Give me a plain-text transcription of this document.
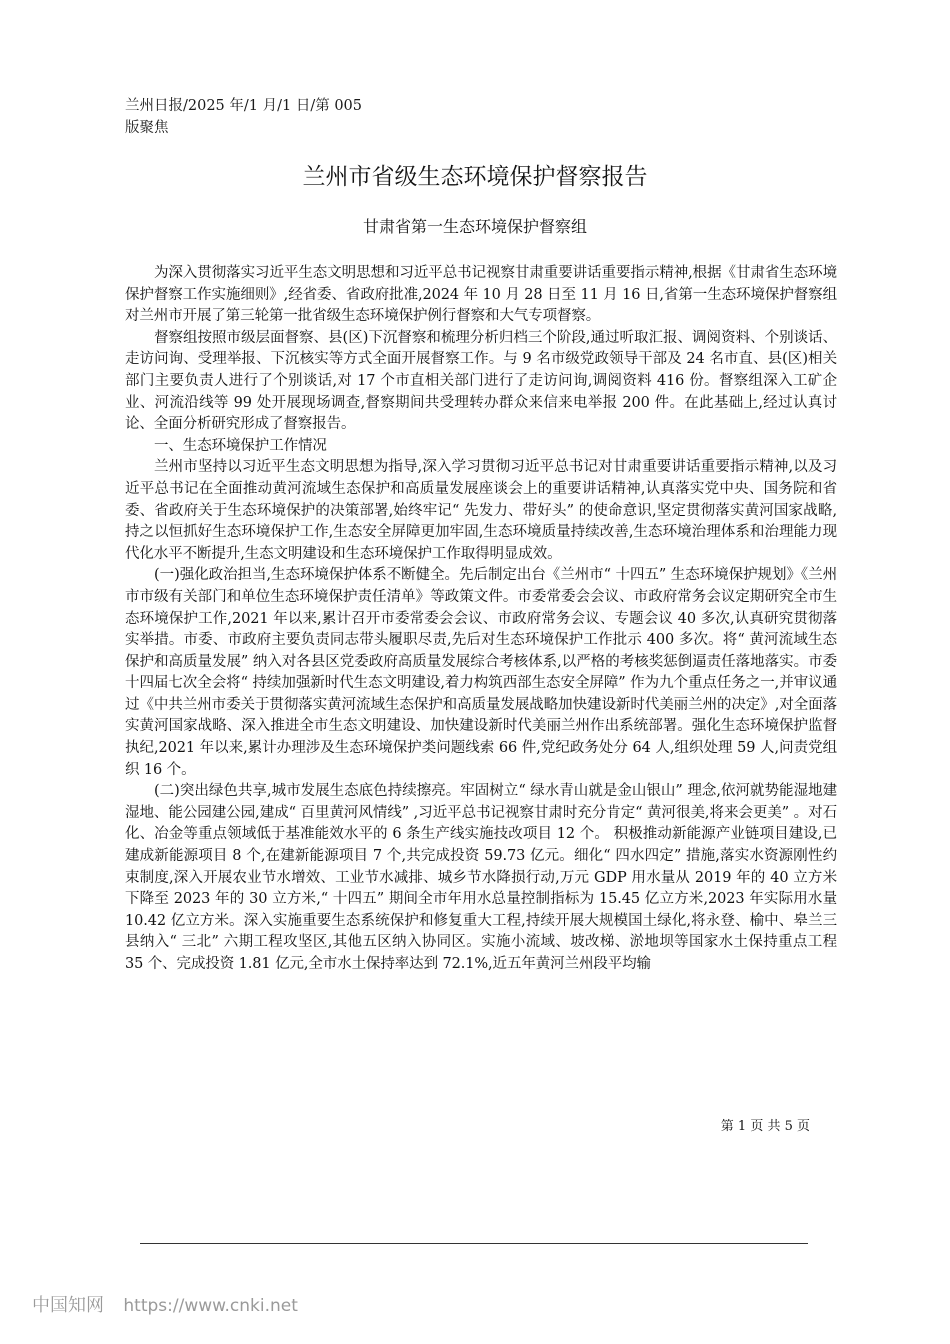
兰州日报/2025 年/1 月/1 日/第 005
版聚焦
兰州市省级生态环境保护督察报告
甘肃省第一生态环境保护督察组

为深入贯彻落实习近平生态文明思想和习近平总书记视察甘肃重要讲话重要指示精神,根据《甘肃省生态环境保护督察工作实施细则》,经省委、省政府批准,2024 年 10 月 28 日至 11 月 16 日,省第一生态环境保护督察组对兰州市开展了第三轮第一批省级生态环境保护例行督察和大气专项督察。

督察组按照市级层面督察、县(区)下沉督察和梳理分析归档三个阶段,通过听取汇报、调阅资料、个别谈话、走访问询、受理举报、下沉核实等方式全面开展督察工作。与 9 名市级党政领导干部及 24 名市直、县(区)相关部门主要负责人进行了个别谈话,对 17 个市直相关部门进行了走访问询,调阅资料 416 份。督察组深入工矿企业、河流沿线等 99 处开展现场调查,督察期间共受理转办群众来信来电举报 200 件。在此基础上,经过认真讨论、全面分析研究形成了督察报告。

一、生态环境保护工作情况

兰州市坚持以习近平生态文明思想为指导,深入学习贯彻习近平总书记对甘肃重要讲话重要指示精神,以及习近平总书记在全面推动黄河流域生态保护和高质量发展座谈会上的重要讲话精神,认真落实党中央、国务院和省委、省政府关于生态环境保护的决策部署,始终牢记“ 先发力、带好头” 的使命意识,坚定贯彻落实黄河国家战略,持之以恒抓好生态环境保护工作,生态安全屏障更加牢固,生态环境质量持续改善,生态环境治理体系和治理能力现代化水平不断提升,生态文明建设和生态环境保护工作取得明显成效。

(一)强化政治担当,生态环境保护体系不断健全。先后制定出台《兰州市“ 十四五” 生态环境保护规划》《兰州市市级有关部门和单位生态环境保护责任清单》等政策文件。市委常委会会议、市政府常务会议定期研究全市生态环境保护工作,2021 年以来,累计召开市委常委会会议、市政府常务会议、专题会议 40 多次,认真研究贯彻落实举措。市委、市政府主要负责同志带头履职尽责,先后对生态环境保护工作批示 400 多次。将“ 黄河流域生态保护和高质量发展” 纳入对各县区党委政府高质量发展综合考核体系,以严格的考核奖惩倒逼责任落地落实。市委十四届七次全会将“ 持续加强新时代生态文明建设,着力构筑西部生态安全屏障” 作为九个重点任务之一,并审议通过《中共兰州市委关于贯彻落实黄河流域生态保护和高质量发展战略加快建设新时代美丽兰州的决定》,对全面落实黄河国家战略、深入推进全市生态文明建设、加快建设新时代美丽兰州作出系统部署。强化生态环境保护监督执纪,2021 年以来,累计办理涉及生态环境保护类问题线索 66 件,党纪政务处分 64 人,组织处理 59 人,问责党组织 16 个。

(二)突出绿色共享,城市发展生态底色持续擦亮。牢固树立“ 绿水青山就是金山银山” 理念,依河就势能湿地建湿地、能公园建公园,建成“ 百里黄河风情线” ,习近平总书记视察甘肃时充分肯定“ 黄河很美,将来会更美” 。对石化、冶金等重点领域低于基准能效水平的 6 条生产线实施技改项目 12 个。 积极推动新能源产业链项目建设,已建成新能源项目 8 个,在建新能源项目 7 个,共完成投资 59.73 亿元。细化“ 四水四定” 措施,落实水资源刚性约束制度,深入开展农业节水增效、工业节水减排、城乡节水降损行动,万元 GDP 用水量从 2019 年的 40 立方米下降至 2023 年的 30 立方米,“ 十四五” 期间全市年用水总量控制指标为 15.45 亿立方米,2023 年实际用水量 10.42 亿立方米。深入实施重要生态系统保护和修复重大工程,持续开展大规模国土绿化,将永登、榆中、皋兰三县纳入“ 三北” 六期工程攻坚区,其他五区纳入协同区。实施小流域、坡改梯、淤地坝等国家水土保持重点工程 35 个、完成投资 1.81 亿元,全市水土保持率达到 72.1%,近五年黄河兰州段平均输

第 1 页 共 5 页
中国知网 https://www.cnki.net
